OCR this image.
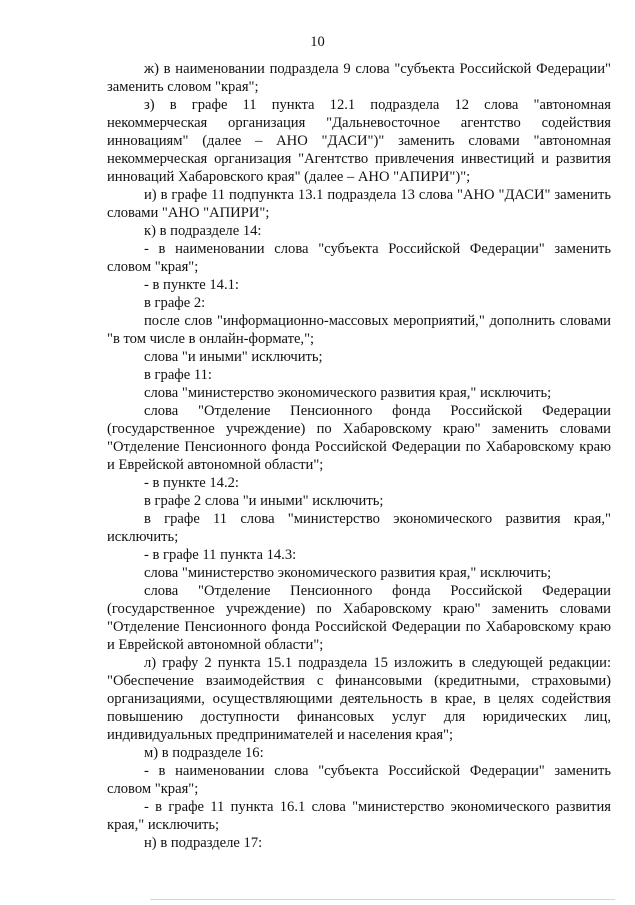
10

ж) в наименовании подраздела 9 слова "субъекта Российской Федерации" заменить словом "края";

з) в графе 11 пункта 12.1 подраздела 12 слова "автономная некоммерческая организация "Дальневосточное агентство содействия инновациям" (далее – АНО "ДАСИ")" заменить словами "автономная некоммерческая организация "Агентство привлечения инвестиций и развития инноваций Хабаровского края" (далее – АНО "АПИРИ")";

и) в графе 11 подпункта 13.1 подраздела 13 слова "АНО "ДАСИ" заменить словами "АНО "АПИРИ";

к) в подразделе 14:

- в наименовании слова "субъекта Российской Федерации" заменить словом "края";

- в пункте 14.1:

в графе 2:

после слов "информационно-массовых мероприятий," дополнить словами "в том числе в онлайн-формате,";

слова "и иными" исключить;

в графе 11:

слова "министерство экономического развития края," исключить;

слова "Отделение Пенсионного фонда Российской Федерации (государственное учреждение) по Хабаровскому краю" заменить словами "Отделение Пенсионного фонда Российской Федерации по Хабаровскому краю и Еврейской автономной области";

- в пункте 14.2:

в графе 2 слова "и иными" исключить;

в графе 11 слова "министерство экономического развития края," исключить;

- в графе 11 пункта 14.3:

слова "министерство экономического развития края," исключить;

слова "Отделение Пенсионного фонда Российской Федерации (государственное учреждение) по Хабаровскому краю" заменить словами "Отделение Пенсионного фонда Российской Федерации по Хабаровскому краю и Еврейской автономной области";

л) графу 2 пункта 15.1 подраздела 15 изложить в следующей редакции: "Обеспечение взаимодействия с финансовыми (кредитными, страховыми) организациями, осуществляющими деятельность в крае, в целях содействия повышению доступности финансовых услуг для юридических лиц, индивидуальных предпринимателей и населения края";

м) в подразделе 16:

- в наименовании слова "субъекта Российской Федерации" заменить словом "края";

- в графе 11 пункта 16.1 слова "министерство экономического развития края," исключить;

н) в подразделе 17:
